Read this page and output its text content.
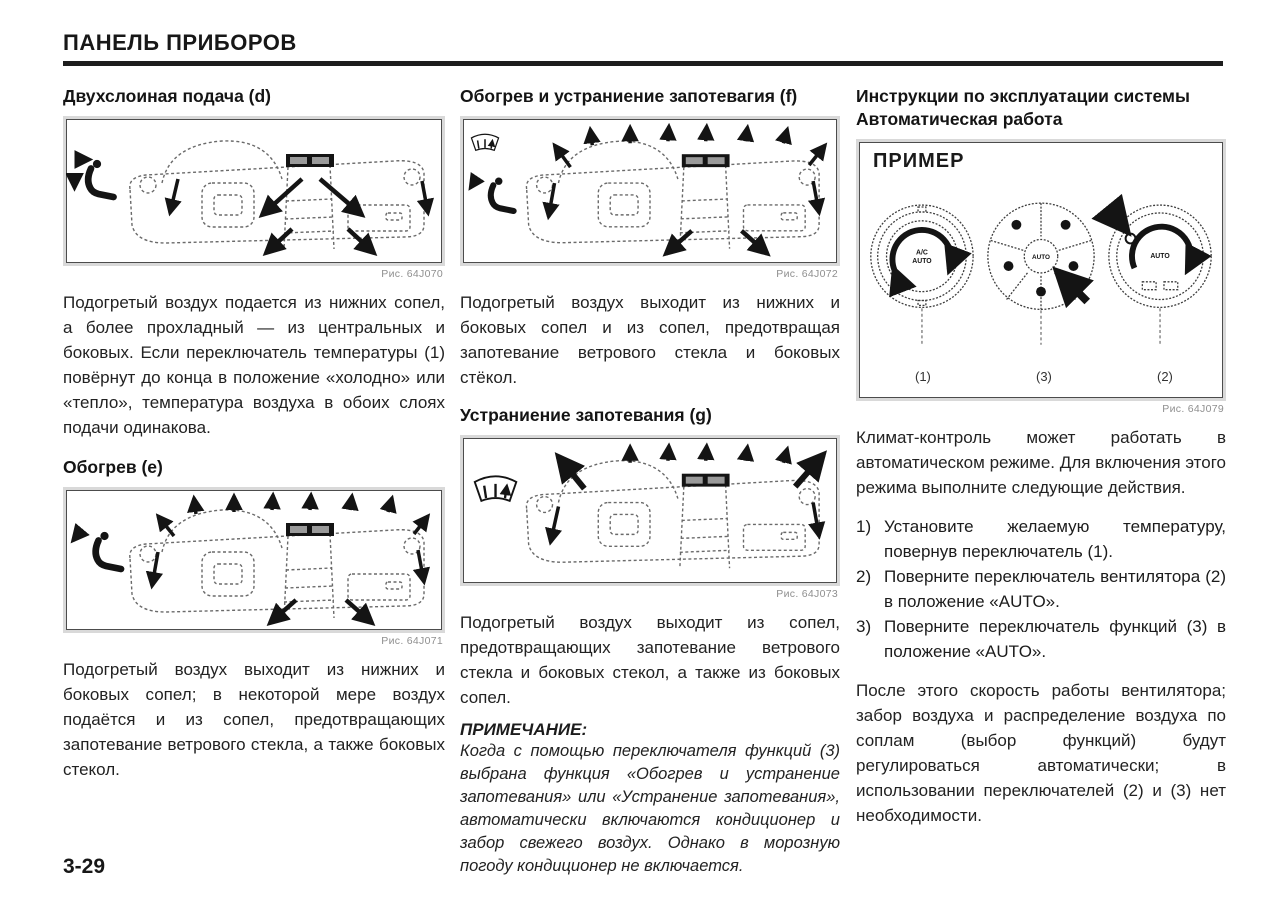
ПАНЕЛЬ ПРИБОРОВ
Двухслоиная подача (d)
Рис. 64J070

Подогретый воздух подается из нижних сопел, а более прохладный — из центральных и боковых. Если переключатель температуры (1) повёрнут до конца в положение «холодно» или «тепло», температура воздуха в обоих слоях подачи одинакова.

Обогрев (е)
Рис. 64J071

Подогретый воздух выходит из нижних и боковых сопел; в некоторой мере воздух подаётся и из сопел, предотвращающих запотевание ветрового стекла, а также боковых стекол.

Обогрев и устраниение запотевагия (f)
Рис. 64J072

Подогретый воздух выходит из нижних и боковых сопел и из сопел, предотвращая запотевание ветрового стекла и боковых стёкол.

Устраниение запотевания (g)
Рис. 64J073

Подогретый воздух выходит из сопел, предотвращающих запотевание ветрового стекла и боковых стекол, а также из боковых сопел.

ПРИМЕЧАНИЕ:

Когда с помощью переключателя функций (3) выбрана функция «Обогрев и устранение запотевания» или «Устранение запотевания», автоматически включаются кондиционер и забор свежего воздух. Однако в морозную погоду кондиционер не включается.

Инструкции по эксплуатации системы
Автоматическая работа
ПРИМЕР
A/C
AUTO
AUTO	AUTO
(1)	(3)	(2)
Рис. 64J079

Климат-контроль может работать в автоматическом режиме. Для включения этого режима выполните следующие действия.

1) Установите желаемую температуру, повернув переключатель (1).
2) Поверните переключатель вентилятора (2) в положение «AUTO».
3) Поверните переключатель функций (3) в положение «AUTO».

После этого скорость работы вентилятора; забор воздуха и распределение воздуха по соплам (выбор функций) будут регулироваться автоматически; в использовании переключателей (2) и (3) нет необходимости.

3-29
